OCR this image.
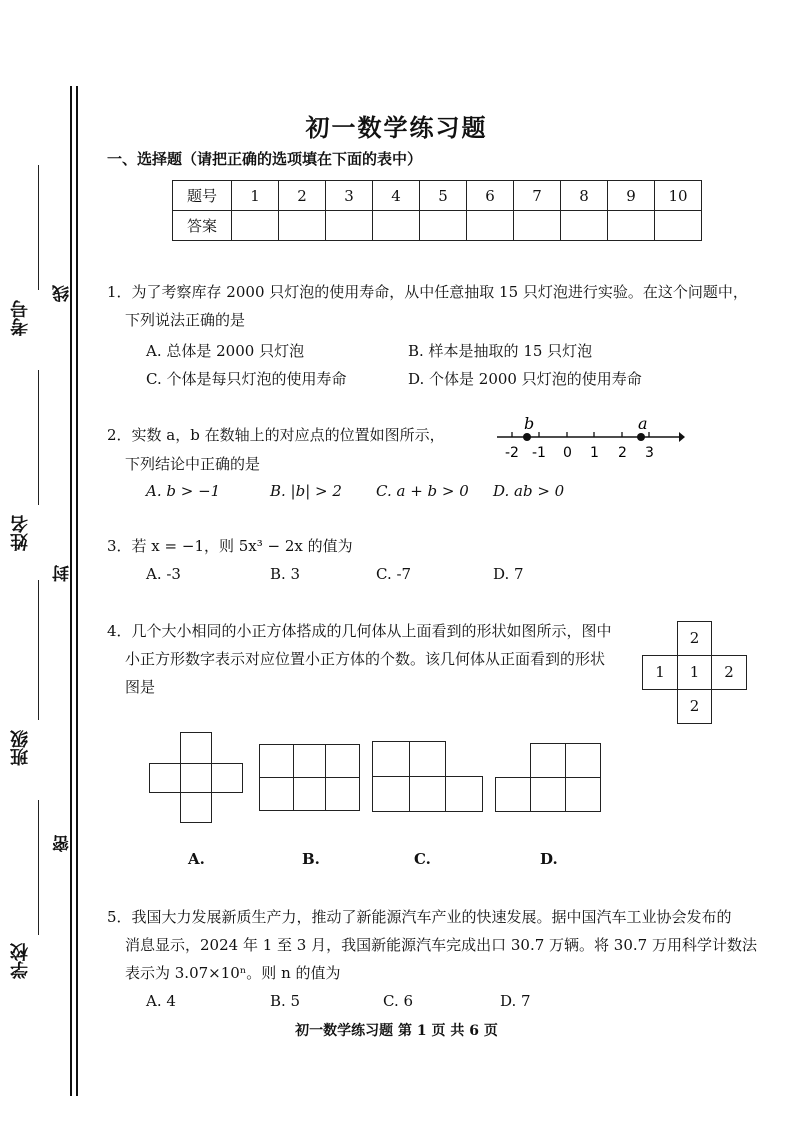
考号
姓名
班级
学校
线
封
密
初一数学练习题
一、选择题（请把正确的选项填在下面的表中）
题号	1	2	3	4	5	6	7	8	9	10
答案										
1．为了考察库存 2000 只灯泡的使用寿命，从中任意抽取 15 只灯泡进行实验。在这个问题中，
下列说法正确的是
A. 总体是 2000 只灯泡	B. 样本是抽取的 15 只灯泡
C. 个体是每只灯泡的使用寿命	D. 个体是 2000 只灯泡的使用寿命
2．实数 a，b 在数轴上的对应点的位置如图所示，
下列结论中正确的是
A. b > −1	B. |b| > 2 C. a + b > 0 D. ab > 0
b	a
-2 -1 0 1 2 3
3．若 x = −1，则 5x³ − 2x 的值为
A. -3	B. 3	C. -7	D. 7
4．几个大小相同的小正方体搭成的几何体从上面看到的形状如图所示，图中
小正方形数字表示对应位置小正方体的个数。该几何体从正面看到的形状
图是
2
1	1	2
2
A.	B.	C.	D.
5．我国大力发展新质生产力，推动了新能源汽车产业的快速发展。据中国汽车工业协会发布的
消息显示，2024 年 1 至 3 月，我国新能源汽车完成出口 30.7 万辆。将 30.7 万用科学计数法
表示为 3.07×10ⁿ。则 n 的值为
A. 4	B. 5	C. 6	D. 7
初一数学练习题 第 1 页 共 6 页
